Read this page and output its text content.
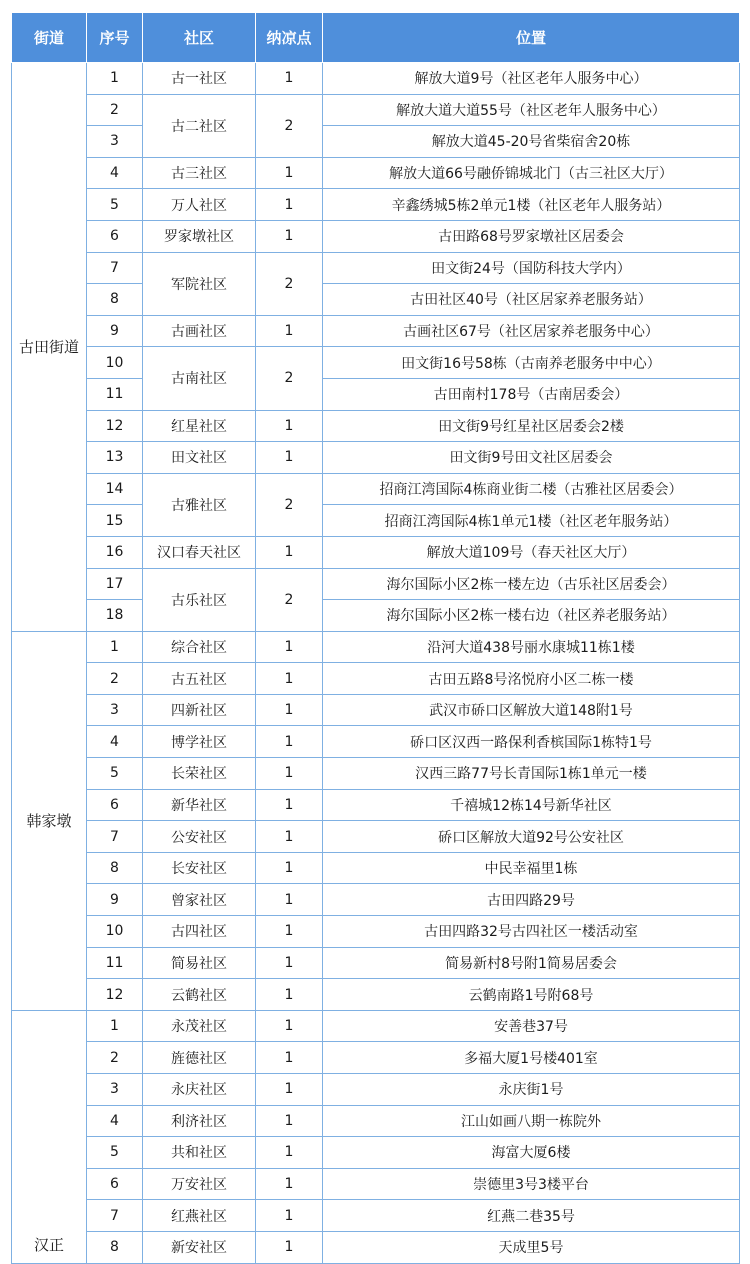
街道	序号	社区	纳凉点	位置
古田街道	1	古一社区	1	解放大道9号（社区老年人服务中心）
	2	古二社区	2	解放大道大道55号（社区老年人服务中心）
	3			解放大道45-20号省柴宿舍20栋
	4	古三社区	1	解放大道66号融侨锦城北门（古三社区大厅）
	5	万人社区	1	辛鑫绣城5栋2单元1楼（社区老年人服务站）
	6	罗家墩社区	1	古田路68号罗家墩社区居委会
	7	军院社区	2	田文街24号（国防科技大学内）
	8			古田社区40号（社区居家养老服务站）
	9	古画社区	1	古画社区67号（社区居家养老服务中心）
	10	古南社区	2	田文街16号58栋（古南养老服务中中心）
	11			古田南村178号（古南居委会）
	12	红星社区	1	田文街9号红星社区居委会2楼
	13	田文社区	1	田文街9号田文社区居委会
	14	古雅社区	2	招商江湾国际4栋商业街二楼（古雅社区居委会）
	15			招商江湾国际4栋1单元1楼（社区老年服务站）
	16	汉口春天社区	1	解放大道109号（春天社区大厅）
	17	古乐社区	2	海尔国际小区2栋一楼左边（古乐社区居委会）
	18			海尔国际小区2栋一楼右边（社区养老服务站）
韩家墩	1	综合社区	1	沿河大道438号丽水康城11栋1楼
	2	古五社区	1	古田五路8号洺悦府小区二栋一楼
	3	四新社区	1	武汉市硚口区解放大道148附1号
	4	博学社区	1	硚口区汉西一路保利香槟国际1栋特1号
	5	长荣社区	1	汉西三路77号长青国际1栋1单元一楼
	6	新华社区	1	千禧城12栋14号新华社区
	7	公安社区	1	硚口区解放大道92号公安社区
	8	长安社区	1	中民幸福里1栋
	9	曾家社区	1	古田四路29号
	10	古四社区	1	古田四路32号古四社区一楼活动室
	11	简易社区	1	简易新村8号附1简易居委会
	12	云鹤社区	1	云鹤南路1号附68号
汉正	1	永茂社区	1	安善巷37号
	2	旌德社区	1	多福大厦1号楼401室
	3	永庆社区	1	永庆街1号
	4	利济社区	1	江山如画八期一栋院外
	5	共和社区	1	海富大厦6楼
	6	万安社区	1	崇德里3号3楼平台
	7	红燕社区	1	红燕二巷35号
	8	新安社区	1	天成里5号
